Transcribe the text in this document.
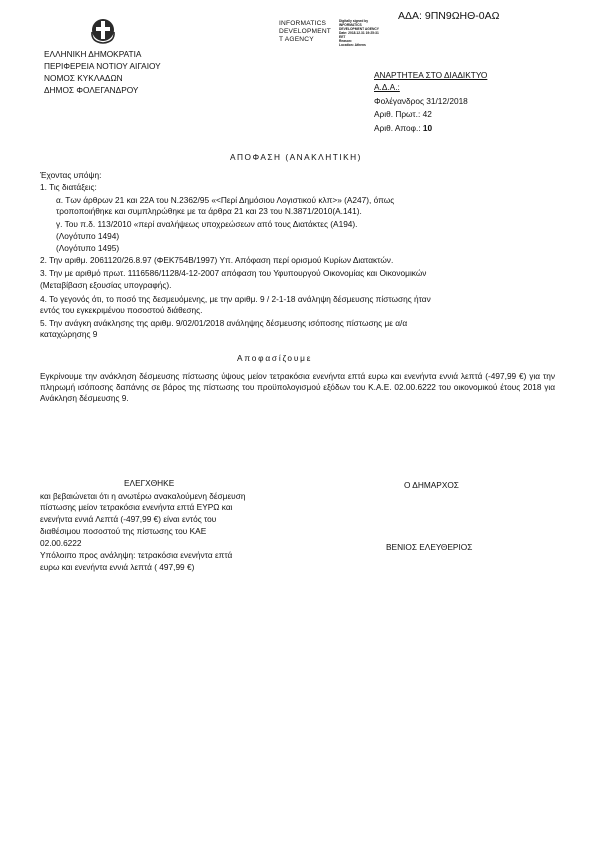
ΑΔΑ: 9ΠΝ9ΩΗΘ-0ΑΩ
INFORMATICS
DEVELOPMENT
T AGENCY
Digitally signed by
INFORMATICS
DEVELOPMENT AGENCY
Date: 2018.12.31 19:25:31
EET
Reason:
Location: Athens
ΕΛΛΗΝΙΚΗ ΔΗΜΟΚΡΑΤΙΑ
ΠΕΡΙΦΕΡΕΙΑ ΝΟΤΙΟΥ ΑΙΓΑΙΟΥ
ΝΟΜΟΣ ΚΥΚΛΑΔΩΝ
ΔΗΜΟΣ ΦΟΛΕΓΑΝΔΡΟΥ
ΑΝΑΡΤΗΤΕΑ ΣΤΟ ΔΙΑΔΙΚΤΥΟ
Α.Δ.Α.:
Φολέγανδρος 31/12/2018
Αριθ. Πρωτ.: 42
Αριθ. Αποφ.: 10
ΑΠΟΦΑΣΗ (ΑΝΑΚΛΗΤΙΚΗ)
Έχοντας υπόψη:
1. Τις διατάξεις:
α. Των άρθρων 21 και 22Α του Ν.2362/95 «<Περί Δημόσιου Λογιστικού κλπ>» (Α247), όπως
τροποποιήθηκε και συμπληρώθηκε με τα άρθρα 21 και 23 του Ν.3871/2010(Α.141).
γ. Του π.δ. 113/2010 «περί αναλήψεως υποχρεώσεων από τους Διατάκτες (Α194).
(Λογότυπο 1494)
(Λογότυπο 1495)
2. Την αριθμ. 2061120/26.8.97 (ΦΕΚ754Β/1997) Υπ. Απόφαση περί ορισμού Κυρίων Διατακτών.
3. Την με αριθμό πρωτ. 1116586/1128/4-12-2007 απόφαση του Υφυπουργού Οικονομίας και Οικονομικών
(Μεταβίβαση εξουσίας υπογραφής).
4. Το γεγονός ότι, το ποσό της δεσμευόμενης, με την αριθμ. 9 / 2-1-18 ανάληψη δέσμευσης πίστωσης ήταν
εντός του εγκεκριμένου ποσοστού διάθεσης.
5. Την ανάγκη ανάκλησης της αριθμ. 9/02/01/2018 ανάληψης δέσμευσης ισόποσης πίστωσης με α/α
καταχώρησης 9
Αποφασίζουμε
Εγκρίνουμε την ανάκληση δέσμευσης πίστωσης ύψους μείον τετρακόσια ενενήντα επτά ευρω και ενενήντα εννιά λεπτά (-497,99 €) για την πληρωμή ισόποσης δαπάνης σε βάρος της πίστωσης του προϋπολογισμού εξόδων του Κ.Α.Ε. 02.00.6222 του οικονομικού έτους 2018 για Ανάκληση δέσμευσης 9.
ΕΛΕΓΧΘΗΚΕ
και βεβαιώνεται ότι η ανωτέρω ανακαλούμενη δέσμευση
πίστωσης μείον τετρακόσια ενενήντα επτά ΕΥΡΩ και
ενενήντα εννιά Λεπτά (-497,99 €) είναι εντός του
διαθέσιμου ποσοστού της πίστωσης του ΚΑΕ
02.00.6222
Υπόλοιπο προς ανάληψη: τετρακόσια ενενήντα επτά
ευρω και ενενήντα εννιά λεπτά ( 497,99 €)
Ο ΔΗΜΑΡΧΟΣ
ΒΕΝΙΟΣ ΕΛΕΥΘΕΡΙΟΣ
